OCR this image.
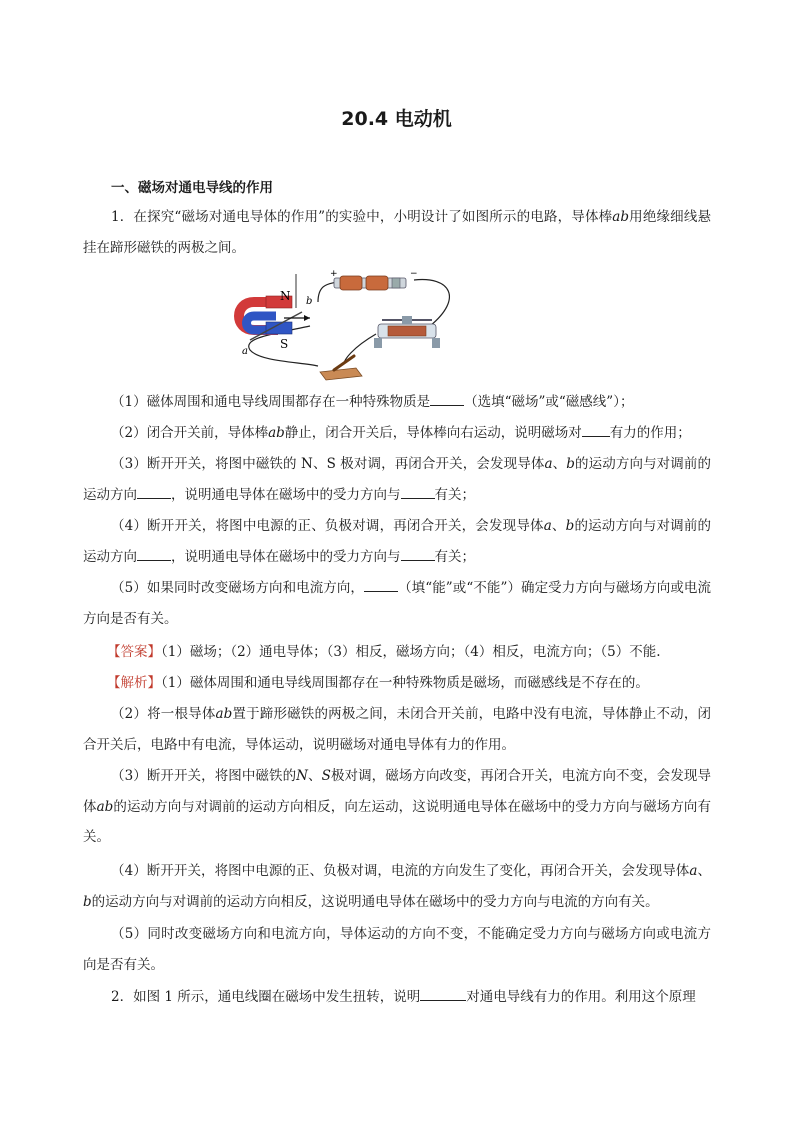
20.4 电动机
一、磁场对通电导线的作用

1．在探究“磁场对通电导体的作用”的实验中，小明设计了如图所示的电路，导体棒ab用绝缘细线悬挂在蹄形磁铁的两极之间。

+	−
N
S
b
a

（1）磁体周围和通电导线周围都存在一种特殊物质是	（选填“磁场”或“磁感线”）；

（2）闭合开关前，导体棒ab静止，闭合开关后，导体棒向右运动，说明磁场对 有力的作用；

（3）断开开关，将图中磁铁的 N、S 极对调，再闭合开关，会发现导体a、b的运动方向与对调前的运动方向	，说明通电导体在磁场中的受力方向与	有关；

（4）断开开关，将图中电源的正、负极对调，再闭合开关，会发现导体a、b的运动方向与对调前的运动方向	，说明通电导体在磁场中的受力方向与	有关；

（5）如果同时改变磁场方向和电流方向，	（填“能”或“不能”）确定受力方向与磁场方向或电流方向是否有关。

【答案】（1）磁场；（2）通电导体；（3）相反，磁场方向；（4）相反，电流方向；（5）不能.

【解析】（1）磁体周围和通电导线周围都存在一种特殊物质是磁场，而磁感线是不存在的。

（2）将一根导体ab置于蹄形磁铁的两极之间，未闭合开关前，电路中没有电流，导体静止不动，闭合开关后，电路中有电流，导体运动，说明磁场对通电导体有力的作用。

（3）断开开关，将图中磁铁的N、S极对调，磁场方向改变，再闭合开关，电流方向不变，会发现导体ab的运动方向与对调前的运动方向相反，向左运动，这说明通电导体在磁场中的受力方向与磁场方向有关。

（4）断开开关，将图中电源的正、负极对调，电流的方向发生了变化，再闭合开关，会发现导体a、b的运动方向与对调前的运动方向相反，这说明通电导体在磁场中的受力方向与电流的方向有关。

（5）同时改变磁场方向和电流方向，导体运动的方向不变，不能确定受力方向与磁场方向或电流方向是否有关。

2．如图 1 所示，通电线圈在磁场中发生扭转，说明	对通电导线有力的作用。利用这个原理
